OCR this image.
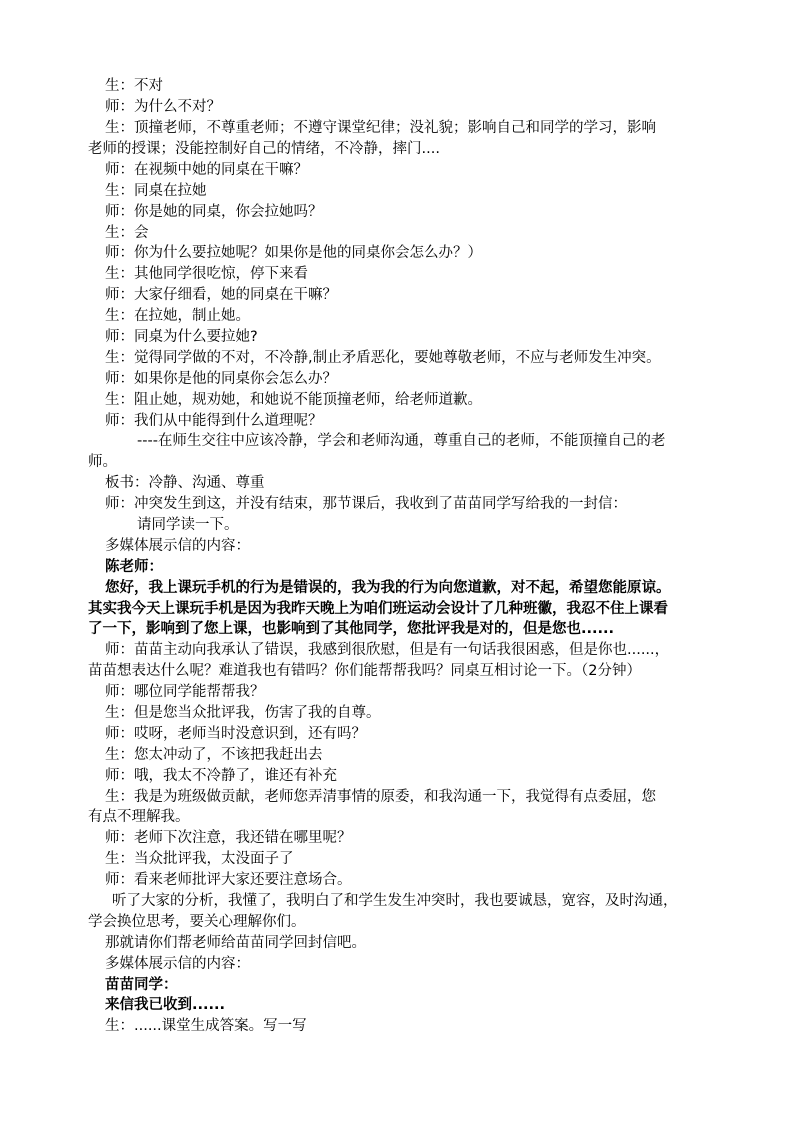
生：不对
师：为什么不对？
生：顶撞老师，不尊重老师；不遵守课堂纪律；没礼貌；影响自己和同学的学习，影响
老师的授课；没能控制好自己的情绪，不冷静，摔门....
师：在视频中她的同桌在干嘛？
生：同桌在拉她
师：你是她的同桌，你会拉她吗？
生：会
师：你为什么要拉她呢？如果你是他的同桌你会怎么办？）
生：其他同学很吃惊，停下来看
师：大家仔细看，她的同桌在干嘛？
生：在拉她，制止她。
师：同桌为什么要拉她?
生：觉得同学做的不对，不冷静,制止矛盾恶化，要她尊敬老师，不应与老师发生冲突。
师：如果你是他的同桌你会怎么办？
生：阻止她，规劝她，和她说不能顶撞老师，给老师道歉。
师：我们从中能得到什么道理呢？
----在师生交往中应该冷静，学会和老师沟通，尊重自己的老师，不能顶撞自己的老
师。
板书：冷静、沟通、尊重
师：冲突发生到这，并没有结束，那节课后，我收到了苗苗同学写给我的一封信：
请同学读一下。
多媒体展示信的内容：
陈老师：
您好，我上课玩手机的行为是错误的，我为我的行为向您道歉，对不起，希望您能原谅。
其实我今天上课玩手机是因为我昨天晚上为咱们班运动会设计了几种班徽，我忍不住上课看
了一下，影响到了您上课，也影响到了其他同学，您批评我是对的，但是您也......
师：苗苗主动向我承认了错误，我感到很欣慰，但是有一句话我很困惑，但是你也......，
苗苗想表达什么呢？难道我也有错吗？你们能帮帮我吗？同桌互相讨论一下。（2分钟）
师：哪位同学能帮帮我？
生：但是您当众批评我，伤害了我的自尊。
师：哎呀，老师当时没意识到，还有吗？
生：您太冲动了，不该把我赶出去
师：哦，我太不冷静了，谁还有补充
生：我是为班级做贡献，老师您弄清事情的原委，和我沟通一下，我觉得有点委屈，您
有点不理解我。
师：老师下次注意，我还错在哪里呢？
生：当众批评我，太没面子了
师：看来老师批评大家还要注意场合。
听了大家的分析，我懂了，我明白了和学生发生冲突时，我也要诚恳，宽容，及时沟通，
学会换位思考，要关心理解你们。
那就请你们帮老师给苗苗同学回封信吧。
多媒体展示信的内容：
苗苗同学：
来信我已收到......
生：......课堂生成答案。写一写
